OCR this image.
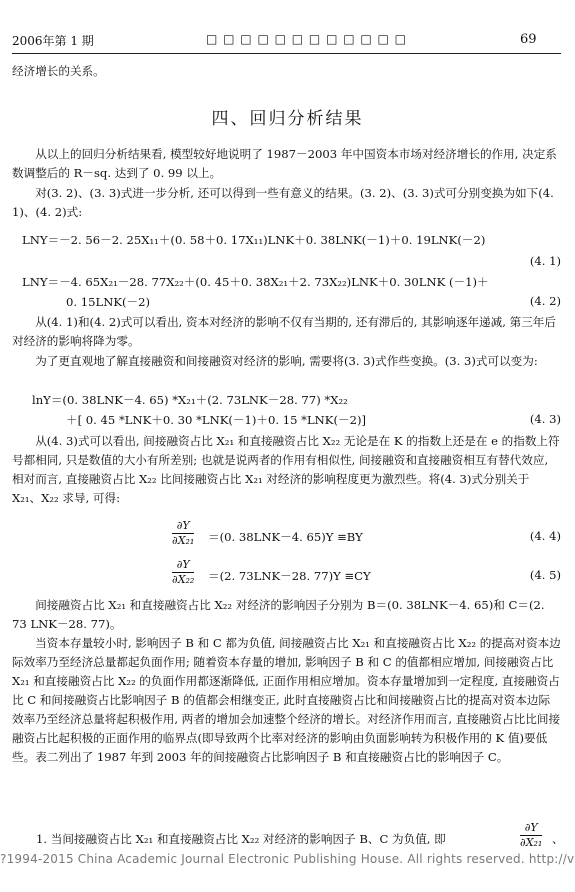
2006年第 1 期	□ □ □ □ □ □ □ □ □ □ □ □	69
经济增长的关系。
四、回归分析结果
从以上的回归分析结果看, 模型较好地说明了 1987－2003 年中国资本市场对经济增长的作用, 决定系数调整后的 R－sq. 达到了 0. 99 以上。
对(3. 2)、(3. 3)式进一步分析, 还可以得到一些有意义的结果。(3. 2)、(3. 3)式可分别变换为如下(4. 1)、(4. 2)式:
LNY＝－2. 56－2. 25X₁₁＋(0. 58＋0. 17X₁₁)LNK＋0. 38LNK(－1)＋0. 19LNK(－2)
(4. 1)
LNY＝－4. 65X₂₁－28. 77X₂₂＋(0. 45＋0. 38X₂₁＋2. 73X₂₂)LNK＋0. 30LNK (－1)＋
0. 15LNK(－2)	(4. 2)
从(4. 1)和(4. 2)式可以看出, 资本对经济的影响不仅有当期的, 还有滞后的, 其影响逐年递减, 第三年后对经济的影响将降为零。
为了更直观地了解直接融资和间接融资对经济的影响, 需要将(3. 3)式作些变换。(3. 3)式可以变为:
lnY＝(0. 38LNK－4. 65) *X₂₁＋(2. 73LNK－28. 77) *X₂₂
＋[ 0. 45 *LNK＋0. 30 *LNK(－1)＋0. 15 *LNK(－2)]	(4. 3)
从(4. 3)式可以看出, 间接融资占比 X₂₁ 和直接融资占比 X₂₂ 无论是在 K 的指数上还是在 e 的指数上符号都相同, 只是数值的大小有所差别; 也就是说两者的作用有相似性, 间接融资和直接融资相互有替代效应, 相对而言, 直接融资占比 X₂₂ 比间接融资占比 X₂₁ 对经济的影响程度更为激烈些。将(4. 3)式分别关于 X₂₁、X₂₂ 求导, 可得:
∂Y
∂X₂₁ ＝(0. 38LNK－4. 65)Y ≡BY	(4. 4)
∂Y
∂X₂₂ ＝(2. 73LNK－28. 77)Y ≡CY	(4. 5)
间接融资占比 X₂₁ 和直接融资占比 X₂₂ 对经济的影响因子分别为 B＝(0. 38LNK－4. 65)和 C＝(2. 73 LNK－28. 77)。
当资本存量较小时, 影响因子 B 和 C 都为负值, 间接融资占比 X₂₁ 和直接融资占比 X₂₂ 的提高对资本边际效率乃至经济总量都起负面作用; 随着资本存量的增加, 影响因子 B 和 C 的值都相应增加, 间接融资占比 X₂₁ 和直接融资占比 X₂₂ 的负面作用都逐渐降低, 正面作用相应增加。资本存量增加到一定程度, 直接融资占比 C 和间接融资占比影响因子 B 的值都会相继变正, 此时直接融资占比和间接融资占比的提高对资本边际效率乃至经济总量将起积极作用, 两者的增加会加速整个经济的增长。对经济作用而言, 直接融资占比比间接融资占比起积极的正面作用的临界点(即导致两个比率对经济的影响由负面影响转为积极作用的 K 值)要低些。表二列出了 1987 年到 2003 年的间接融资占比影响因子 B 和直接融资占比的影响因子 C。
1. 当间接融资占比 X₂₁ 和直接融资占比 X₂₂ 对经济的影响因子 B、C 为负值, 即
∂Y
∂X₂₁ 、
?1994-2015 China Academic Journal Electronic Publishing House. All rights reserved. http://v
